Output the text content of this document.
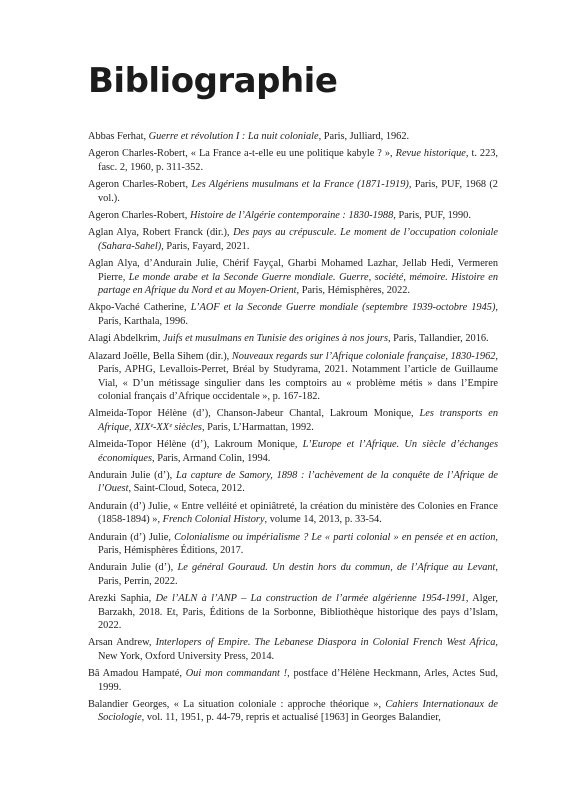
Bibliographie

Abbas Ferhat, Guerre et révolution I : La nuit coloniale, Paris, Julliard, 1962.

Ageron Charles-Robert, « La France a-t-elle eu une politique kabyle ? », Revue historique, t. 223, fasc. 2, 1960, p. 311-352.

Ageron Charles-Robert, Les Algériens musulmans et la France (1871-1919), Paris, PUF, 1968 (2 vol.).

Ageron Charles-Robert, Histoire de l’Algérie contemporaine : 1830-1988, Paris, PUF, 1990.

Aglan Alya, Robert Franck (dir.), Des pays au crépuscule. Le moment de l’occupation coloniale (Sahara-Sahel), Paris, Fayard, 2021.

Aglan Alya, d’Andurain Julie, Chérif Fayçal, Gharbi Mohamed Lazhar, Jellab Hedi, Vermeren Pierre, Le monde arabe et la Seconde Guerre mondiale. Guerre, société, mémoire. Histoire en partage en Afrique du Nord et au Moyen-Orient, Paris, Hémisphères, 2022.

Akpo-Vaché Catherine, L’AOF et la Seconde Guerre mondiale (septembre 1939-octobre 1945), Paris, Karthala, 1996.

Alagi Abdelkrim, Juifs et musulmans en Tunisie des origines à nos jours, Paris, Tallandier, 2016.

Alazard Joëlle, Bella Sihem (dir.), Nouveaux regards sur l’Afrique coloniale française, 1830-1962, Paris, APHG, Levallois-Perret, Bréal by Studyrama, 2021. Notamment l’article de Guillaume Vial, « D’un métissage singulier dans les comptoirs au « problème métis » dans l’Empire colonial français d’Afrique occidentale », p. 167-182.

Almeida-Topor Hélène (d’), Chanson-Jabeur Chantal, Lakroum Monique, Les transports en Afrique, XIXᵉ-XXᵉ siècles, Paris, L’Harmattan, 1992.

Almeida-Topor Hélène (d’), Lakroum Monique, L’Europe et l’Afrique. Un siècle d’échanges économiques, Paris, Armand Colin, 1994.

Andurain Julie (d’), La capture de Samory, 1898 : l’achèvement de la conquête de l’Afrique de l’Ouest, Saint-Cloud, Soteca, 2012.

Andurain (d’) Julie, « Entre velléité et opiniâtreté, la création du ministère des Colonies en France (1858-1894) », French Colonial History, volume 14, 2013, p. 33-54.

Andurain (d’) Julie, Colonialisme ou impérialisme ? Le « parti colonial » en pensée et en action, Paris, Hémisphères Éditions, 2017.

Andurain Julie (d’), Le général Gouraud. Un destin hors du commun, de l’Afrique au Levant, Paris, Perrin, 2022.

Arezki Saphia, De l’ALN à l’ANP – La construction de l’armée algérienne 1954-1991, Alger, Barzakh, 2018. Et, Paris, Éditions de la Sorbonne, Bibliothèque historique des pays d’Islam, 2022.

Arsan Andrew, Interlopers of Empire. The Lebanese Diaspora in Colonial French West Africa, New York, Oxford University Press, 2014.

Bâ Amadou Hampaté, Oui mon commandant !, postface d’Hélène Heckmann, Arles, Actes Sud, 1999.

Balandier Georges, « La situation coloniale : approche théorique », Cahiers Internationaux de Sociologie, vol. 11, 1951, p. 44-79, repris et actualisé [1963] in Georges Balandier,
